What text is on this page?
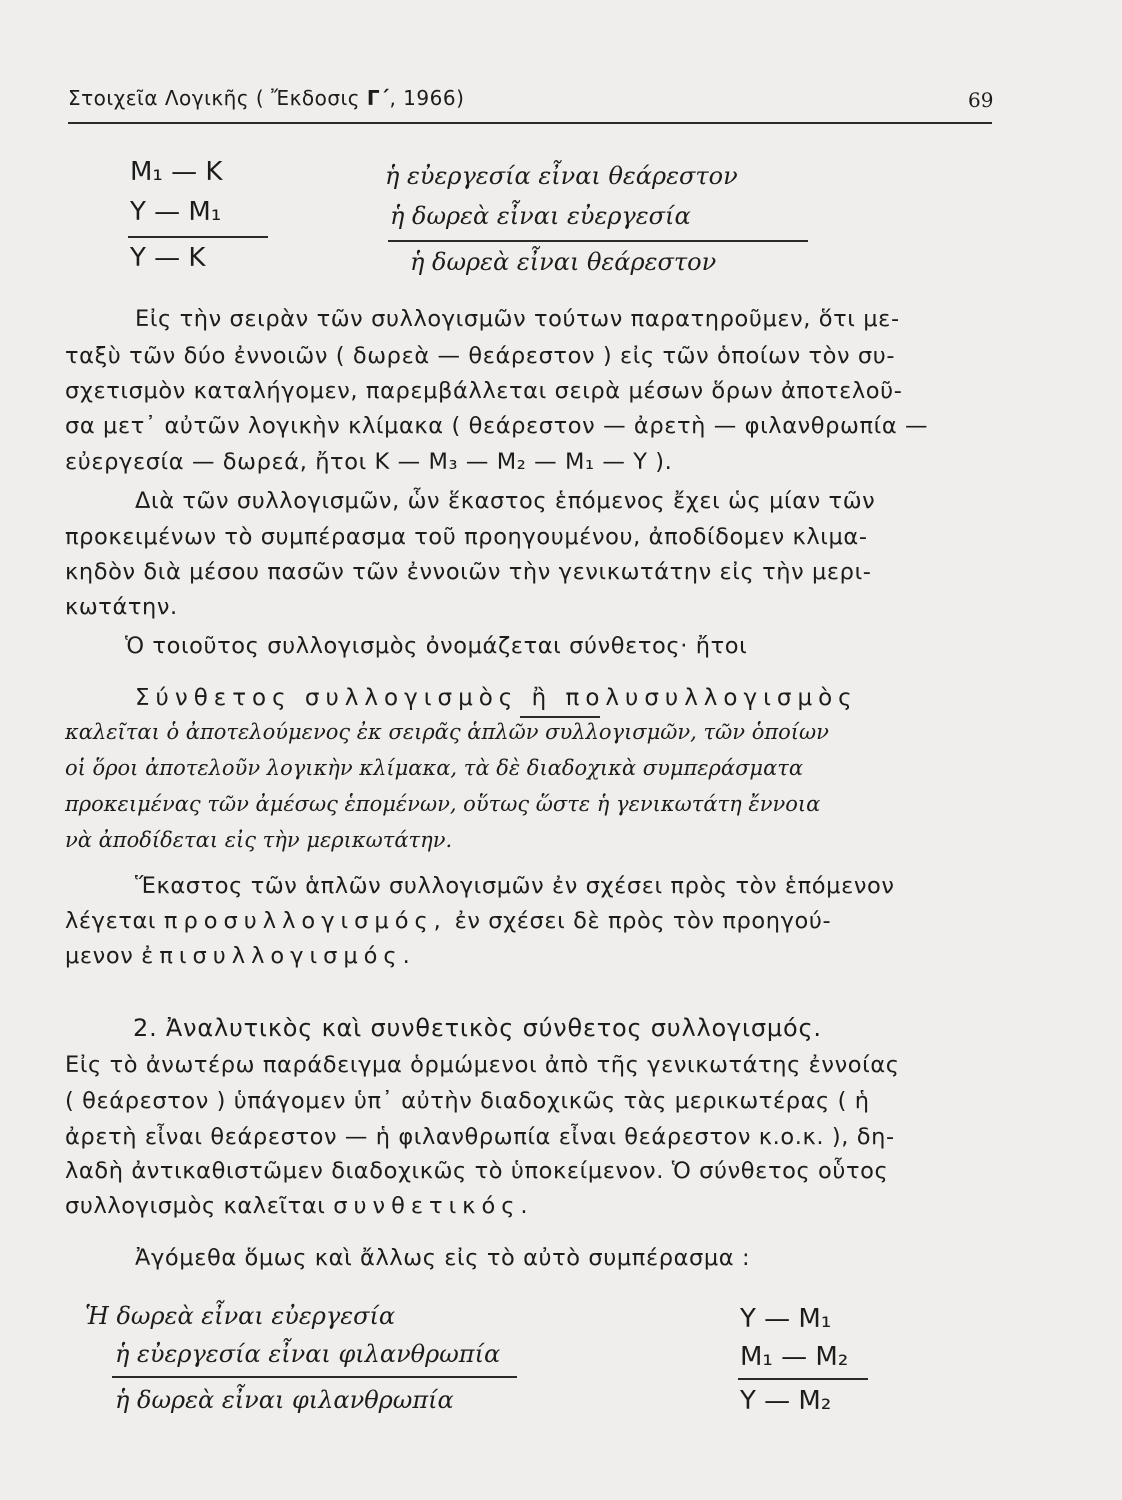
Στοιχεῖα Λογικῆς ( Ἔκδοσις Γ΄, 1966)	69
Μ₁ — Κ
Υ — Μ₁
Υ — Κ
ἡ εὐεργεσία εἶναι θεάρεστον
ἡ δωρεὰ εἶναι εὐεργεσία
ἡ δωρεὰ εἶναι θεάρεστον
Εἰς τὴν σειρὰν τῶν συλλογισμῶν τούτων παρατηροῦμεν, ὅτι με-
ταξὺ τῶν δύο ἐννοιῶν ( δωρεὰ — θεάρεστον ) εἰς τῶν ὁποίων τὸν συ-
σχετισμὸν καταλήγομεν, παρεμβάλλεται σειρὰ μέσων ὅρων ἀποτελοῦ-
σα μετ᾽ αὐτῶν λογικὴν κλίμακα ( θεάρεστον — ἀρετὴ — φιλανθρωπία —
εὐεργεσία — δωρεά, ἤτοι Κ — Μ₃ — Μ₂ — Μ₁ — Υ ).
Διὰ τῶν συλλογισμῶν, ὧν ἕκαστος ἑπόμενος ἔχει ὡς μίαν τῶν
προκειμένων τὸ συμπέρασμα τοῦ προηγουμένου, ἀποδίδομεν κλιμα-
κηδὸν διὰ μέσου πασῶν τῶν ἐννοιῶν τὴν γενικωτάτην εἰς τὴν μερι-
κωτάτην.
Ὁ τοιοῦτος συλλογισμὸς ὀνομάζεται σύνθετος· ἤτοι
Σύνθετος συλλογισμὸς ἢ πολυσυλλογισμὸς
καλεῖται ὁ ἀποτελούμενος ἐκ σειρᾶς ἁπλῶν συλλογισμῶν, τῶν ὁποίων
οἱ ὅροι ἀποτελοῦν λογικὴν κλίμακα, τὰ δὲ διαδοχικὰ συμπεράσματα
προκειμένας τῶν ἀμέσως ἑπομένων, οὕτως ὥστε ἡ γενικωτάτη ἔννοια
νὰ ἀποδίδεται εἰς τὴν μερικωτάτην.
Ἕκαστος τῶν ἁπλῶν συλλογισμῶν ἐν σχέσει πρὸς τὸν ἑπόμενον
λέγεται προσυλλογισμός, ἐν σχέσει δὲ πρὸς τὸν προηγού-
μενον ἐπισυλλογισμός.
2. Ἀναλυτικὸς καὶ συνθετικὸς σύνθετος συλλογισμός.
Εἰς τὸ ἀνωτέρω παράδειγμα ὁρμώμενοι ἀπὸ τῆς γενικωτάτης ἐννοίας
( θεάρεστον ) ὑπάγομεν ὑπ᾽ αὐτὴν διαδοχικῶς τὰς μερικωτέρας ( ἡ
ἀρετὴ εἶναι θεάρεστον — ἡ φιλανθρωπία εἶναι θεάρεστον κ.ο.κ. ), δη-
λαδὴ ἀντικαθιστῶμεν διαδοχικῶς τὸ ὑποκείμενον. Ὁ σύνθετος οὗτος
συλλογισμὸς καλεῖται συνθετικός.
Ἀγόμεθα ὅμως καὶ ἄλλως εἰς τὸ αὐτὸ συμπέρασμα :
Ἡ δωρεὰ εἶναι εὐεργεσία
ἡ εὐεργεσία εἶναι φιλανθρωπία
ἡ δωρεὰ εἶναι φιλανθρωπία
Υ — Μ₁
Μ₁ — Μ₂
Υ — Μ₂
